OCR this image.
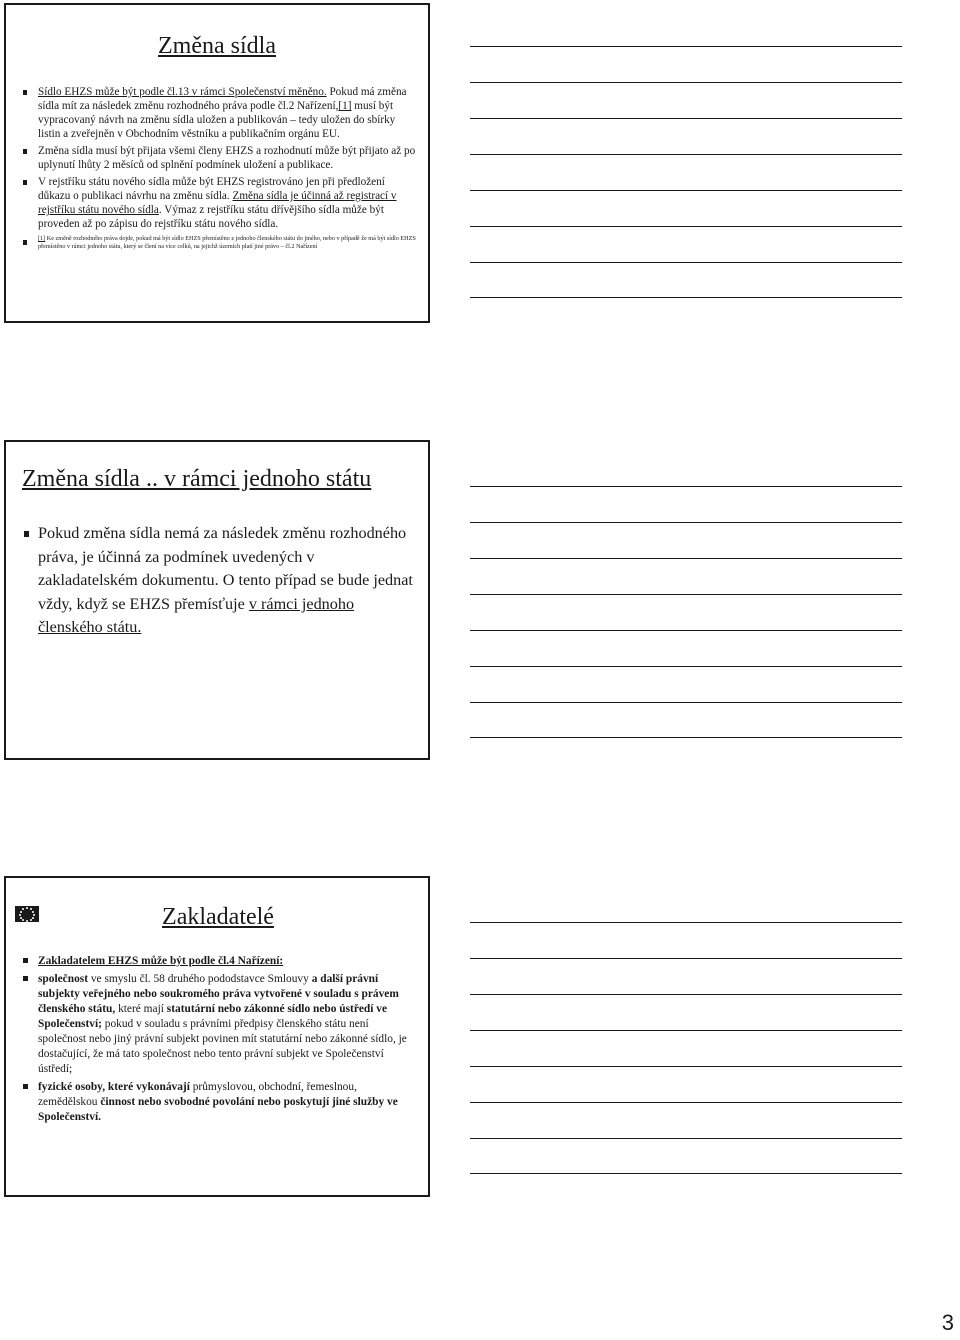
Změna sídla
Sídlo EHZS může být podle čl.13 v rámci Společenství měněno. Pokud má změna sídla mít za následek změnu rozhodného práva podle čl.2 Nařízení,[1] musí být vypracovaný návrh na změnu sídla uložen a publikován – tedy uložen do sbírky listin a zveřejněn v Obchodním věstníku a publikačním orgánu EU.
Změna sídla musí být přijata všemi členy EHZS a rozhodnutí může být přijato až po uplynutí lhůty 2 měsíců od splnění podmínek uložení a publikace.
V rejstříku státu nového sídla může být EHZS registrováno jen při předložení důkazu o publikaci návrhu na změnu sídla. Změna sídla je účinná až registrací v rejstříku státu nového sídla. Výmaz z rejstříku státu dřívějšího sídla může být proveden až po zápisu do rejstříku státu nového sídla.
[1] Ke změně rozhodného práva dojde, pokud má být sídlo EHZS přemístěno z jednoho členského státu do jiného, nebo v případě že má být sídlo EHZS přemístěno v rámci jednoho státu, který se člení na více celků, na jejichž územích platí jiné právo – čl.2 Nařízení
Změna sídla .. v rámci jednoho státu
Pokud změna sídla nemá za následek změnu rozhodného práva, je účinná za podmínek uvedených v zakladatelském dokumentu. O tento případ se bude jednat vždy, když se EHZS přemísťuje v rámci jednoho členského státu.
Zakladatelé
Zakladatelem EHZS může být podle čl.4 Nařízení:
společnost ve smyslu čl. 58 druhého pododstavce Smlouvy a další právní subjekty veřejného nebo soukromého práva vytvořené v souladu s právem členského státu, které mají statutární nebo zákonné sídlo nebo ústředí ve Společenství; pokud v souladu s právními předpisy členského státu není společnost nebo jiný právní subjekt povinen mít statutární nebo zákonné sídlo, je dostačující, že má tato společnost nebo tento právní subjekt ve Společenství ústředí;
fyzické osoby, které vykonávají průmyslovou, obchodní, řemeslnou, zemědělskou činnost nebo svobodné povolání nebo poskytují jiné služby ve Společenství.
3
